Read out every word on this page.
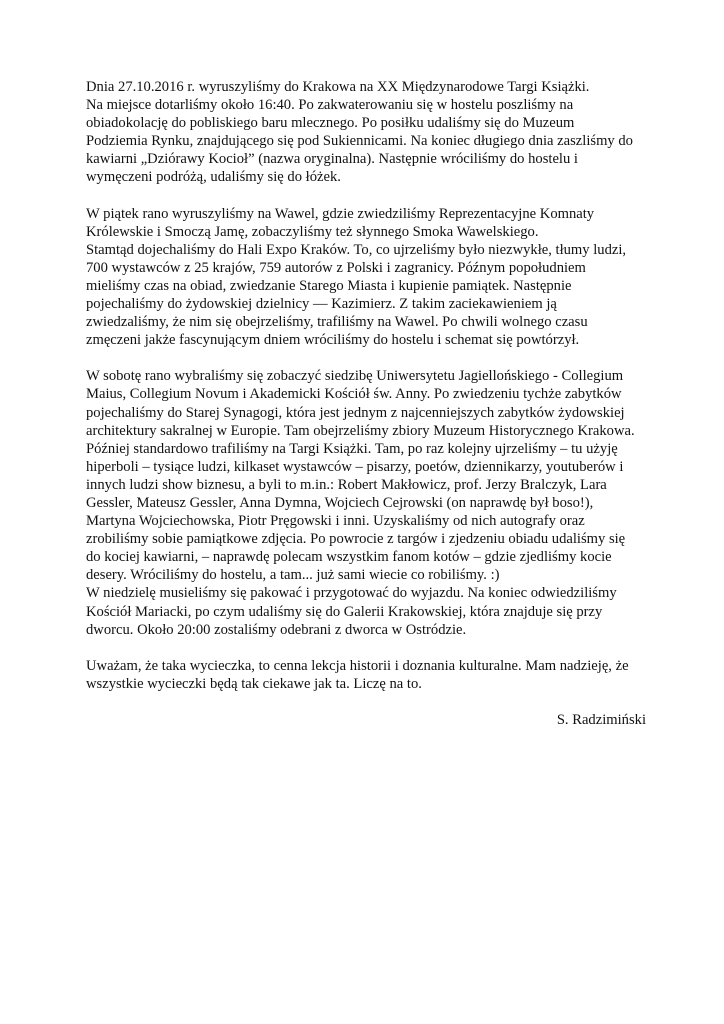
Dnia 27.10.2016 r. wyruszyliśmy do Krakowa na XX Międzynarodowe Targi Książki.
Na miejsce dotarliśmy około 16:40. Po zakwaterowaniu się w hostelu poszliśmy na
obiadokolację do pobliskiego baru mlecznego. Po posiłku udaliśmy się do Muzeum
Podziemia Rynku, znajdującego się pod Sukiennicami. Na koniec długiego dnia zaszliśmy do
kawiarni „Dziórawy Kocioł” (nazwa oryginalna). Następnie wróciliśmy do hostelu i
wymęczeni podróżą, udaliśmy się do łóżek.

W piątek rano wyruszyliśmy na Wawel, gdzie zwiedziliśmy Reprezentacyjne Komnaty
Królewskie i Smoczą Jamę, zobaczyliśmy też słynnego Smoka Wawelskiego.
Stamtąd dojechaliśmy do Hali Expo Kraków. To, co ujrzeliśmy było niezwykłe, tłumy ludzi,
700 wystawców z 25 krajów, 759 autorów z Polski i zagranicy. Późnym popołudniem
mieliśmy czas na obiad, zwiedzanie Starego Miasta i kupienie pamiątek. Następnie
pojechaliśmy do żydowskiej dzielnicy — Kazimierz. Z takim zaciekawieniem ją
zwiedzaliśmy, że nim się obejrzeliśmy, trafiliśmy na Wawel. Po chwili wolnego czasu
zmęczeni jakże fascynującym dniem wróciliśmy do hostelu i schemat się powtórzył.

W sobotę rano wybraliśmy się zobaczyć siedzibę Uniwersytetu Jagiellońskiego - Collegium
Maius, Collegium Novum i Akademicki Kościół św. Anny. Po zwiedzeniu tychże zabytków
pojechaliśmy do Starej Synagogi, która jest jednym z najcenniejszych zabytków żydowskiej
architektury sakralnej w Europie. Tam obejrzeliśmy zbiory Muzeum Historycznego Krakowa.
Później standardowo trafiliśmy na Targi Książki. Tam, po raz kolejny ujrzeliśmy – tu użyję
hiperboli – tysiące ludzi, kilkaset wystawców – pisarzy, poetów, dziennikarzy, youtuberów i
innych ludzi show biznesu, a byli to m.in.: Robert Makłowicz, prof. Jerzy Bralczyk, Lara
Gessler, Mateusz Gessler, Anna Dymna, Wojciech Cejrowski (on naprawdę był boso!),
Martyna Wojciechowska, Piotr Pręgowski i inni. Uzyskaliśmy od nich autografy oraz
zrobiliśmy sobie pamiątkowe zdjęcia. Po powrocie z targów i zjedzeniu obiadu udaliśmy się
do kociej kawiarni, – naprawdę polecam wszystkim fanom kotów – gdzie zjedliśmy kocie
desery. Wróciliśmy do hostelu, a tam... już sami wiecie co robiliśmy. :)
W niedzielę musieliśmy się pakować i przygotować do wyjazdu. Na koniec odwiedziliśmy
Kościół Mariacki, po czym udaliśmy się do Galerii Krakowskiej, która znajduje się przy
dworcu. Około 20:00 zostaliśmy odebrani z dworca w Ostródzie.

Uważam, że taka wycieczka, to cenna lekcja historii i doznania kulturalne. Mam nadzieję, że
wszystkie wycieczki będą tak ciekawe jak ta. Liczę na to.

S. Radzimiński
